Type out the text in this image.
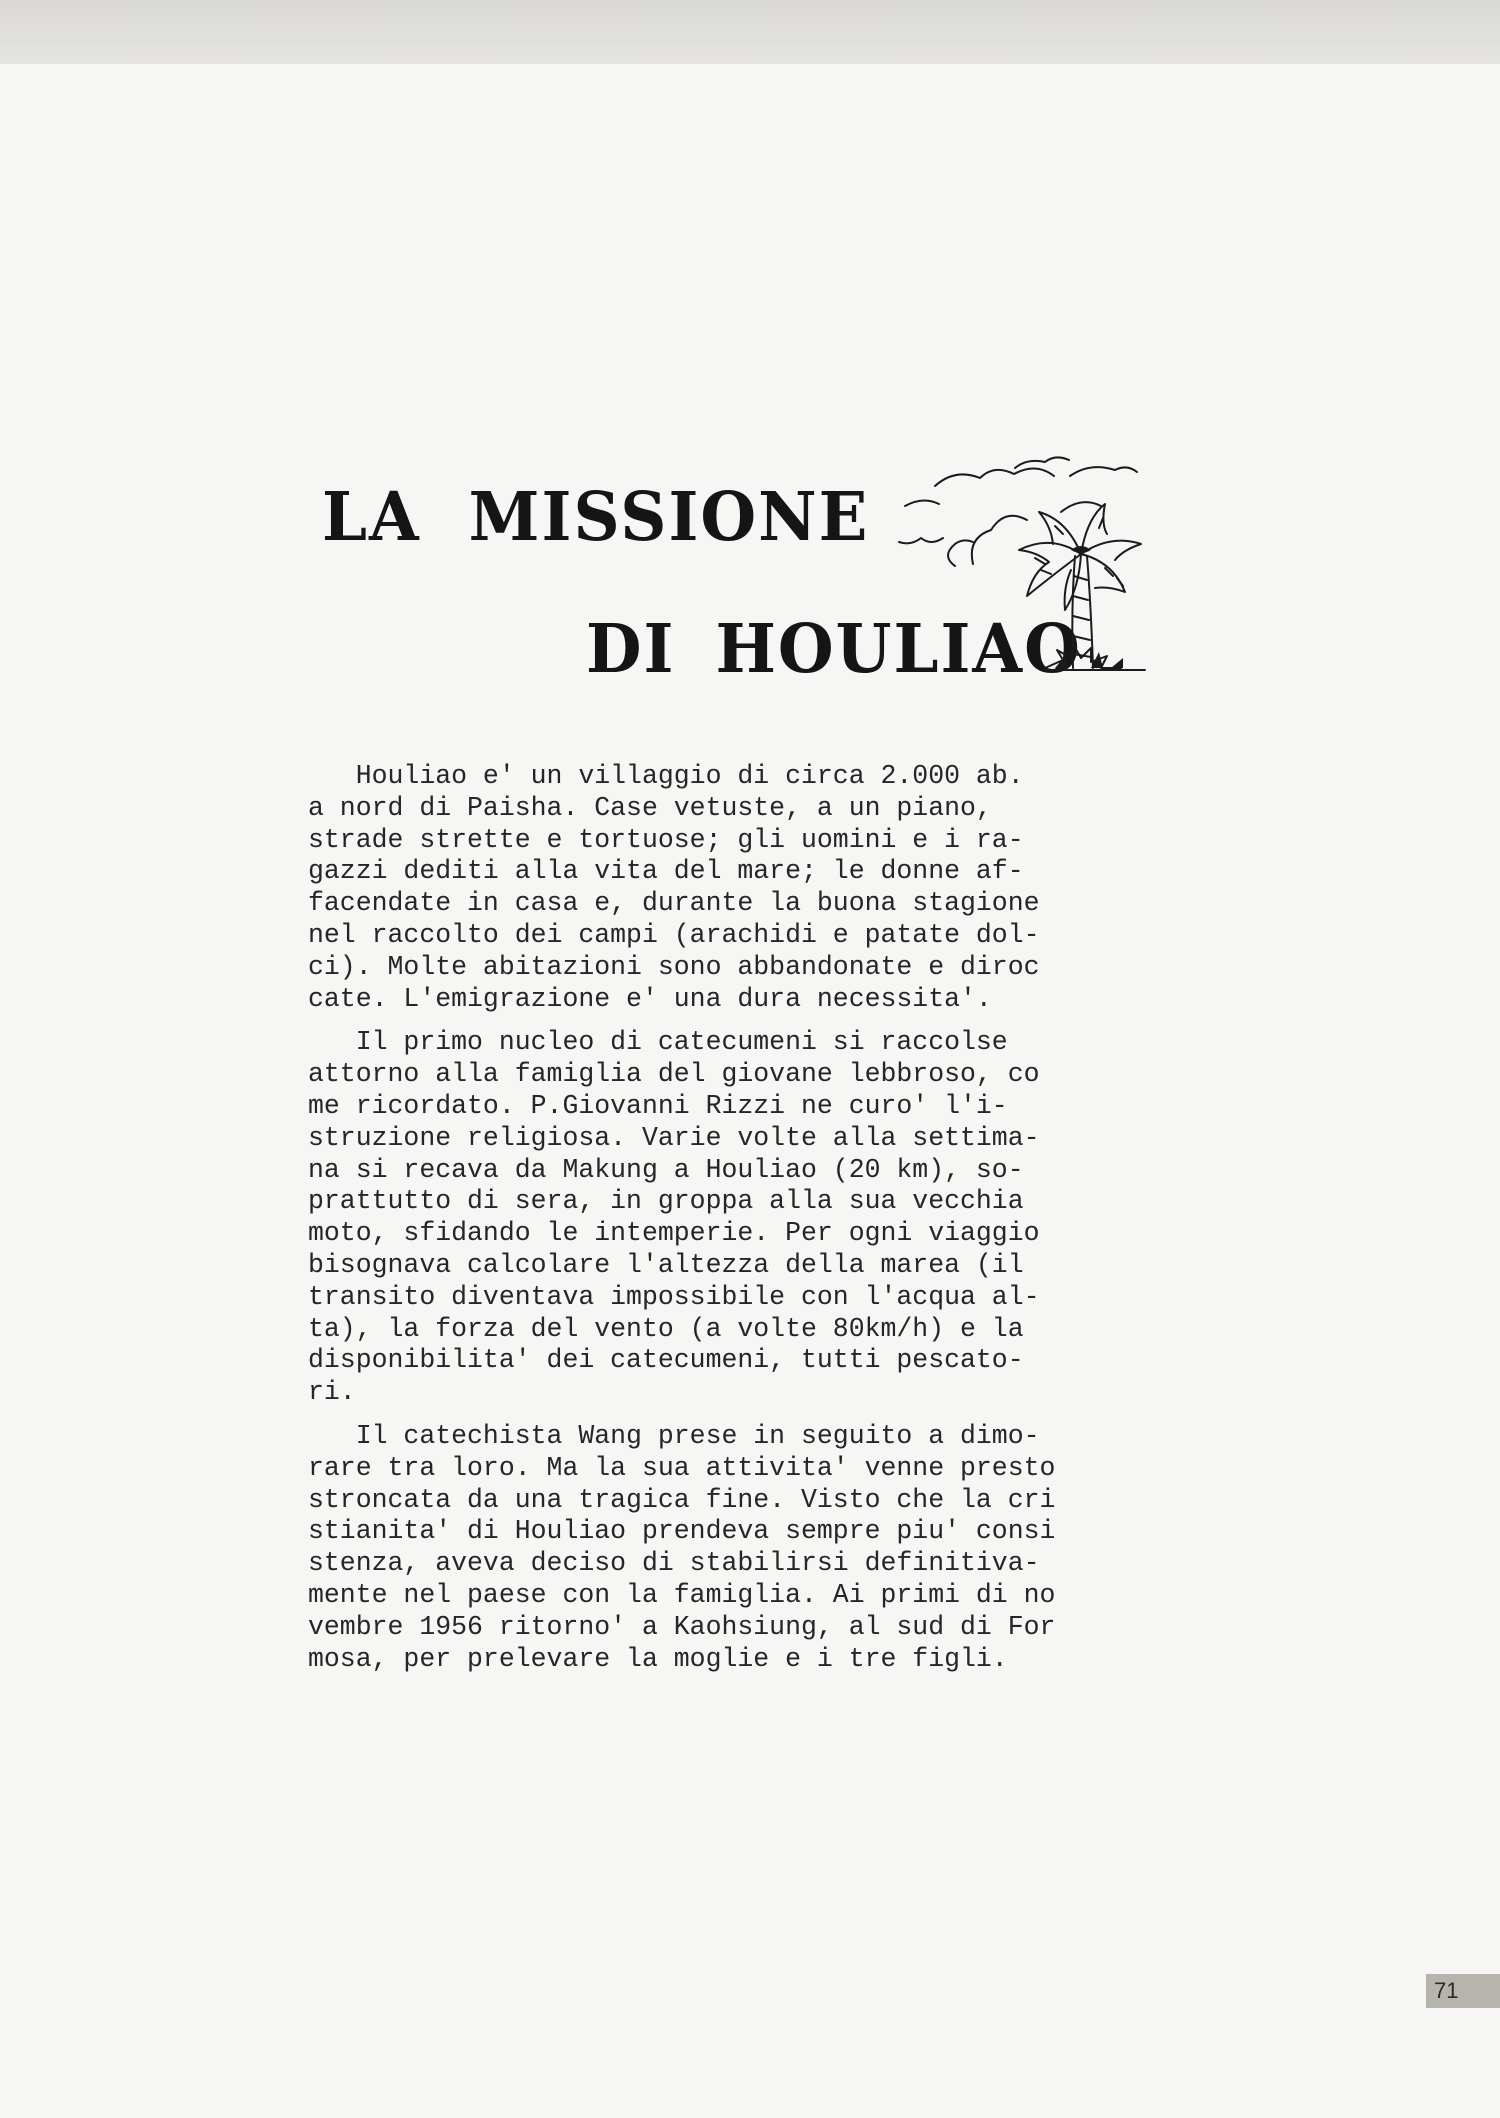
LA MISSIONE
DI HOULIAO

Houliao e' un villaggio di circa 2.000 ab.
a nord di Paisha. Case vetuste, a un piano,
strade strette e tortuose; gli uomini e i ra-
gazzi dediti alla vita del mare; le donne af-
facendate in casa e, durante la buona stagione
nel raccolto dei campi (arachidi e patate dol-
ci). Molte abitazioni sono abbandonate e diroc
cate. L'emigrazione e' una dura necessita'.

Il primo nucleo di catecumeni si raccolse
attorno alla famiglia del giovane lebbroso, co
me ricordato. P.Giovanni Rizzi ne curo' l'i-
struzione religiosa. Varie volte alla settima-
na si recava da Makung a Houliao (20 km), so-
prattutto di sera, in groppa alla sua vecchia
moto, sfidando le intemperie. Per ogni viaggio
bisognava calcolare l'altezza della marea (il
transito diventava impossibile con l'acqua al-
ta), la forza del vento (a volte 80km/h) e la
disponibilita' dei catecumeni, tutti pescato-
ri.

Il catechista Wang prese in seguito a dimo-
rare tra loro. Ma la sua attivita' venne presto
stroncata da una tragica fine. Visto che la cri
stianita' di Houliao prendeva sempre piu' consi
stenza, aveva deciso di stabilirsi definitiva-
mente nel paese con la famiglia. Ai primi di no
vembre 1956 ritorno' a Kaohsiung, al sud di For
mosa, per prelevare la moglie e i tre figli.

71
